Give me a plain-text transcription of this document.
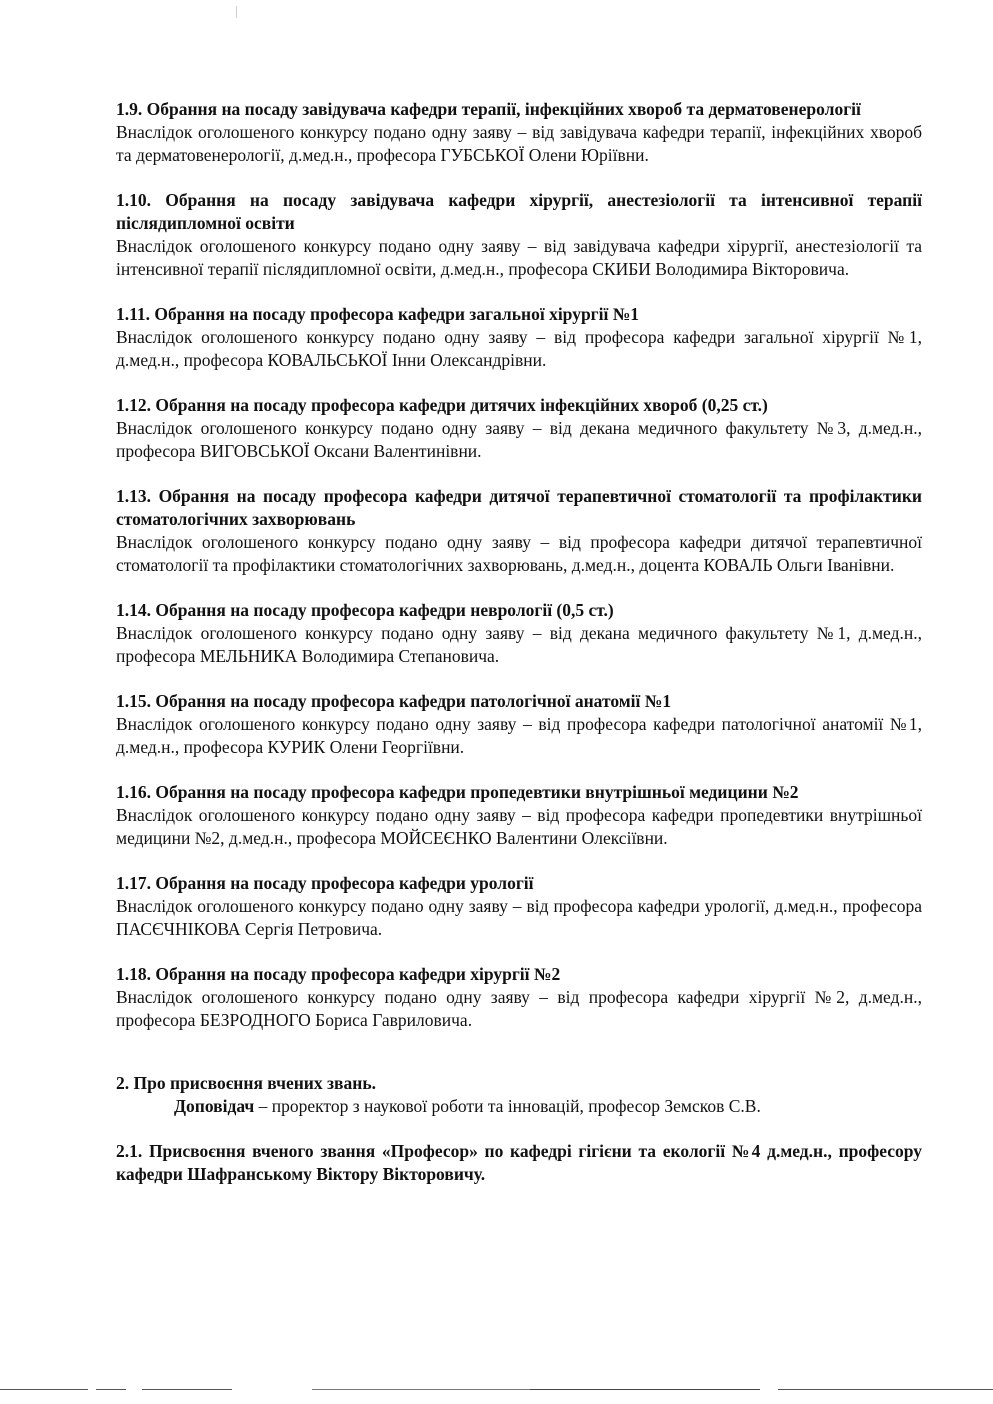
1.9. Обрання на посаду завідувача кафедри терапії, інфекційних хвороб та дерматовенерології

Внаслідок оголошеного конкурсу подано одну заяву – від завідувача кафедри терапії, інфекційних хвороб та дерматовенерології, д.мед.н., професора ГУБСЬКОЇ Олени Юріївни.

1.10. Обрання на посаду завідувача кафедри хірургії, анестезіології та інтенсивної терапії післядипломної освіти

Внаслідок оголошеного конкурсу подано одну заяву – від завідувача кафедри хірургії, анестезіології та інтенсивної терапії післядипломної освіти, д.мед.н., професора СКИБИ Володимира Вікторовича.

1.11. Обрання на посаду професора кафедри загальної хірургії №1

Внаслідок оголошеного конкурсу подано одну заяву – від професора кафедри загальної хірургії №1, д.мед.н., професора КОВАЛЬСЬКОЇ Інни Олександрівни.

1.12. Обрання на посаду професора кафедри дитячих інфекційних хвороб (0,25 ст.)

Внаслідок оголошеного конкурсу подано одну заяву – від декана медичного факультету №3, д.мед.н., професора ВИГОВСЬКОЇ Оксани Валентинівни.

1.13. Обрання на посаду професора кафедри дитячої терапевтичної стоматології та профілактики стоматологічних захворювань

Внаслідок оголошеного конкурсу подано одну заяву – від професора кафедри дитячої терапевтичної стоматології та профілактики стоматологічних захворювань, д.мед.н., доцента КОВАЛЬ Ольги Іванівни.

1.14. Обрання на посаду професора кафедри неврології (0,5 ст.)

Внаслідок оголошеного конкурсу подано одну заяву – від декана медичного факультету №1, д.мед.н., професора МЕЛЬНИКА Володимира Степановича.

1.15. Обрання на посаду професора кафедри патологічної анатомії №1

Внаслідок оголошеного конкурсу подано одну заяву – від професора кафедри патологічної анатомії №1, д.мед.н., професора КУРИК Олени Георгіївни.

1.16. Обрання на посаду професора кафедри пропедевтики внутрішньої медицини №2

Внаслідок оголошеного конкурсу подано одну заяву – від професора кафедри пропедевтики внутрішньої медицини №2, д.мед.н., професора МОЙСЕЄНКО Валентини Олексіївни.

1.17. Обрання на посаду професора кафедри урології

Внаслідок оголошеного конкурсу подано одну заяву – від професора кафедри урології, д.мед.н., професора ПАСЄЧНІКОВА Сергія Петровича.

1.18. Обрання на посаду професора кафедри хірургії №2

Внаслідок оголошеного конкурсу подано одну заяву – від професора кафедри хірургії №2, д.мед.н., професора БЕЗРОДНОГО Бориса Гавриловича.

2. Про присвоєння вчених звань.

Доповідач – проректор з наукової роботи та інновацій, професор Земсков С.В.

2.1. Присвоєння вченого звання «Професор» по кафедрі гігієни та екології №4 д.мед.н., професору кафедри Шафранському Віктору Вікторовичу.
